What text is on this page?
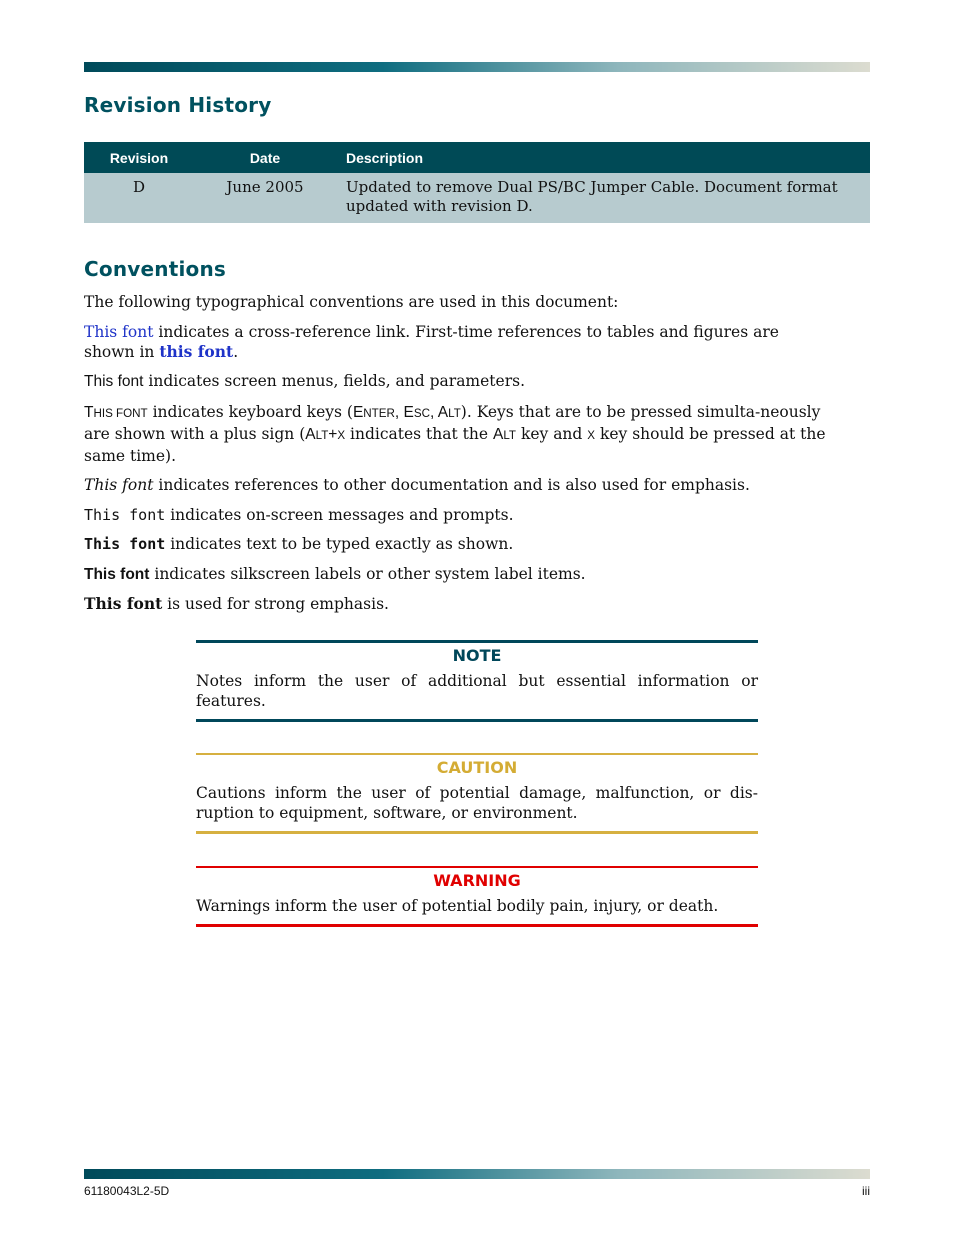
Revision History
Revision	Date	Description
D	June 2005	Updated to remove Dual PS/BC Jumper Cable. Document format updated with revision D.
Conventions

The following typographical conventions are used in this document:

This font indicates a cross-reference link. First-time references to tables and figures are shown in this font.

This font indicates screen menus, fields, and parameters.

THIS FONT indicates keyboard keys (ENTER, ESC, ALT). Keys that are to be pressed simulta-neously are shown with a plus sign (ALT+X indicates that the ALT key and X key should be pressed at the same time).

This font indicates references to other documentation and is also used for emphasis.

This font indicates on-screen messages and prompts.

This font indicates text to be typed exactly as shown.

This font indicates silkscreen labels or other system label items.

This font is used for strong emphasis.

NOTE
Notes inform the user of additional but essential information or features.
CAUTION
Cautions inform the user of potential damage, malfunction, or dis-ruption to equipment, software, or environment.
WARNING
Warnings inform the user of potential bodily pain, injury, or death.
61180043L2-5D	iii
